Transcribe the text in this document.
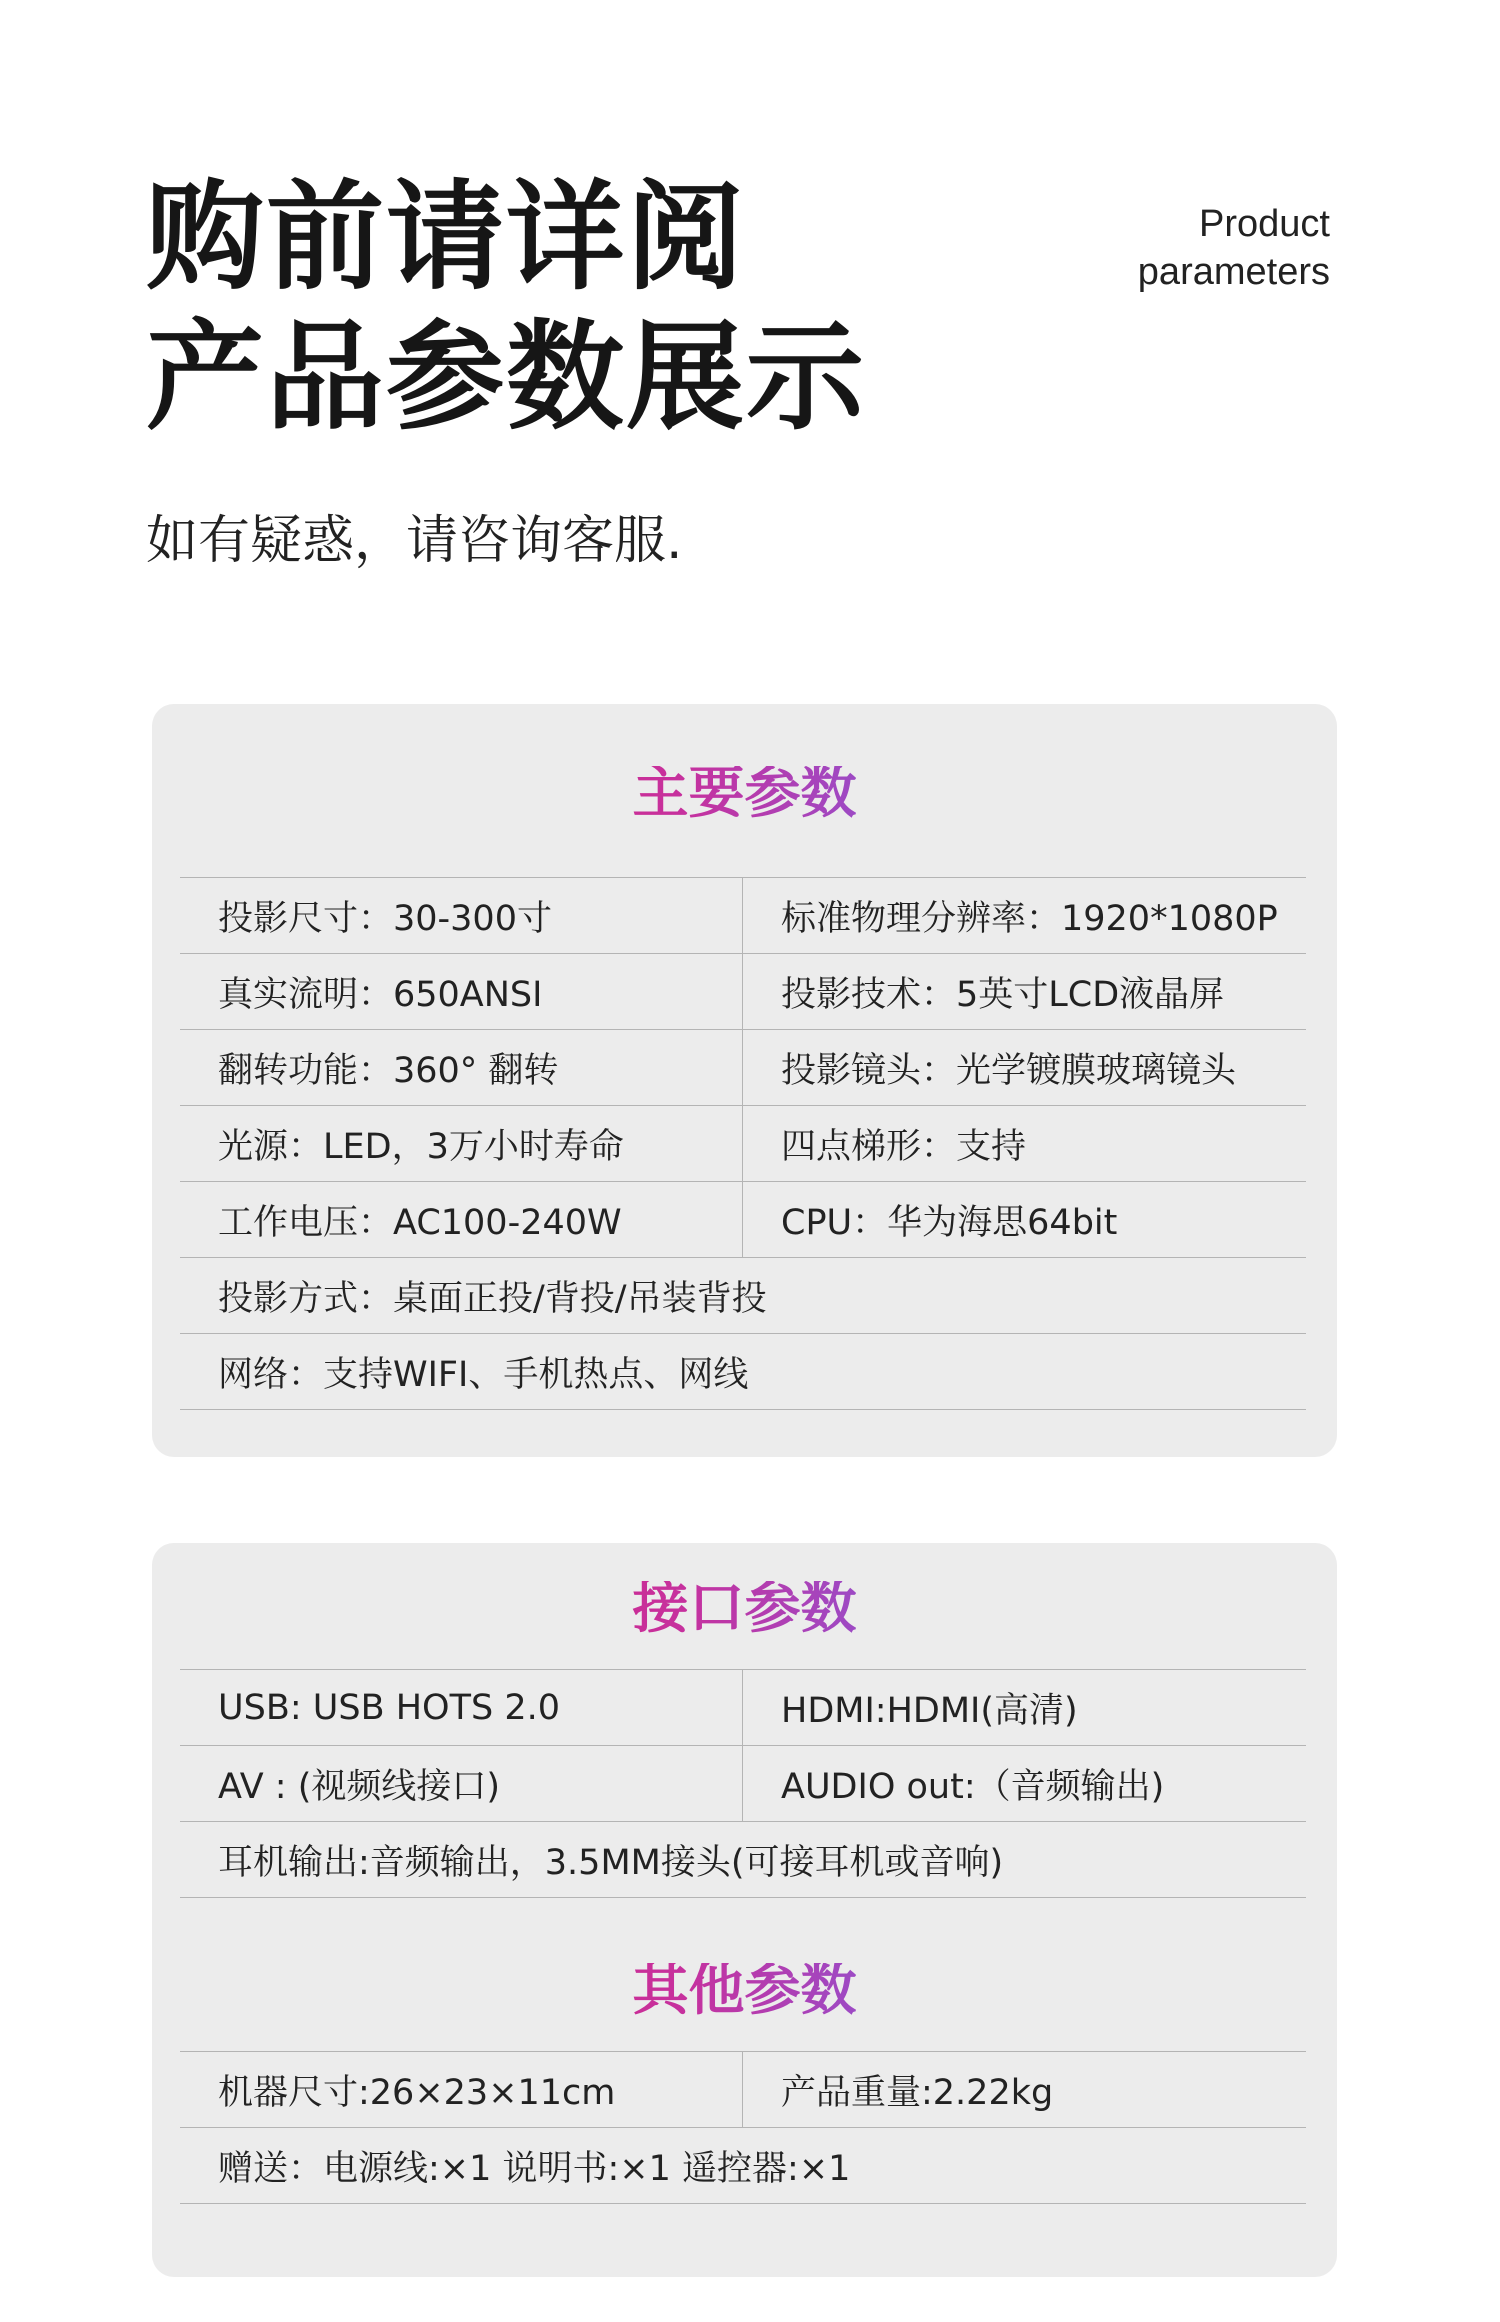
购前请详阅
产品参数展示
Product
parameters
如有疑惑，请咨询客服.
主要参数
投影尺寸：30-300寸	标准物理分辨率：1920*1080P
真实流明：650ANSI	投影技术：5英寸LCD液晶屏
翻转功能：360° 翻转	投影镜头：光学镀膜玻璃镜头
光源：LED，3万小时寿命	四点梯形：支持
工作电压：AC100-240W	CPU：华为海思64bit
投影方式：桌面正投/背投/吊装背投
网络：支持WIFI、手机热点、网线
接口参数
USB: USB HOTS 2.0	HDMI:HDMI(高清)
AV : (视频线接口)	AUDIO out:（音频输出)
耳机输出:音频输出，3.5MM接头(可接耳机或音响)
其他参数
机器尺寸:26×23×11cm	产品重量:2.22kg
赠送：电源线:×1 说明书:×1 遥控器:×1
